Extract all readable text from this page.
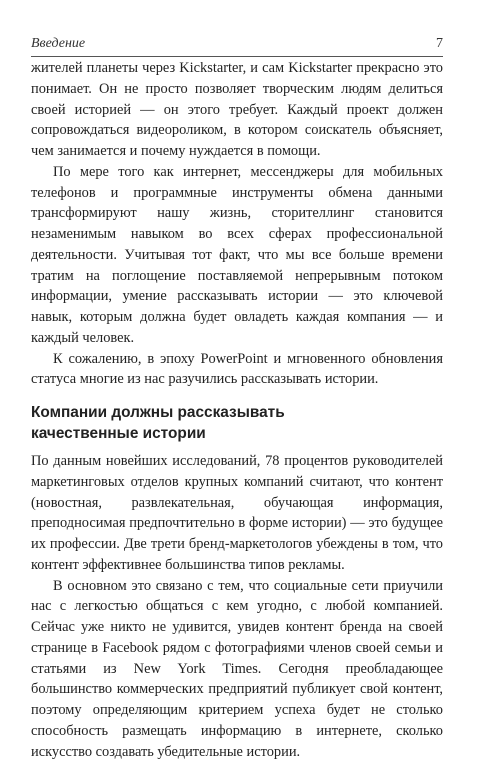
Введение	7

жителей планеты через Kickstarter, и сам Kickstarter прекрасно это понимает. Он не просто позволяет творческим людям делиться своей историей — он этого требует. Каждый проект должен сопровождаться видеороликом, в котором соискатель объясняет, чем занимается и почему нуждается в помощи.

По мере того как интернет, мессенджеры для мобильных телефонов и программные инструменты обмена данными трансформируют нашу жизнь, сторителлинг становится незаменимым навыком во всех сферах профессиональной деятельности. Учитывая тот факт, что мы все больше времени тратим на поглощение поставляемой непрерывным потоком информации, умение рассказывать истории — это ключевой навык, которым должна будет овладеть каждая компания — и каждый человек.

К сожалению, в эпоху PowerPoint и мгновенного обновления статуса многие из нас разучились рассказывать истории.

Компании должны рассказывать
качественные истории

По данным новейших исследований, 78 процентов руководителей маркетинговых отделов крупных компаний считают, что контент (новостная, развлекательная, обучающая информация, преподносимая предпочтительно в форме истории) — это будущее их профессии. Две трети бренд-маркетологов убеждены в том, что контент эффективнее большинства типов рекламы.

В основном это связано с тем, что социальные сети приучили нас с легкостью общаться с кем угодно, с любой компанией. Сейчас уже никто не удивится, увидев контент бренда на своей странице в Facebook рядом с фотографиями членов своей семьи и статьями из New York Times. Сегодня преобладающее большинство коммерческих предприятий публикует свой контент, поэтому определяющим критерием успеха будет не столько способность размещать информацию в интернете, сколько искусство создавать убедительные истории.
